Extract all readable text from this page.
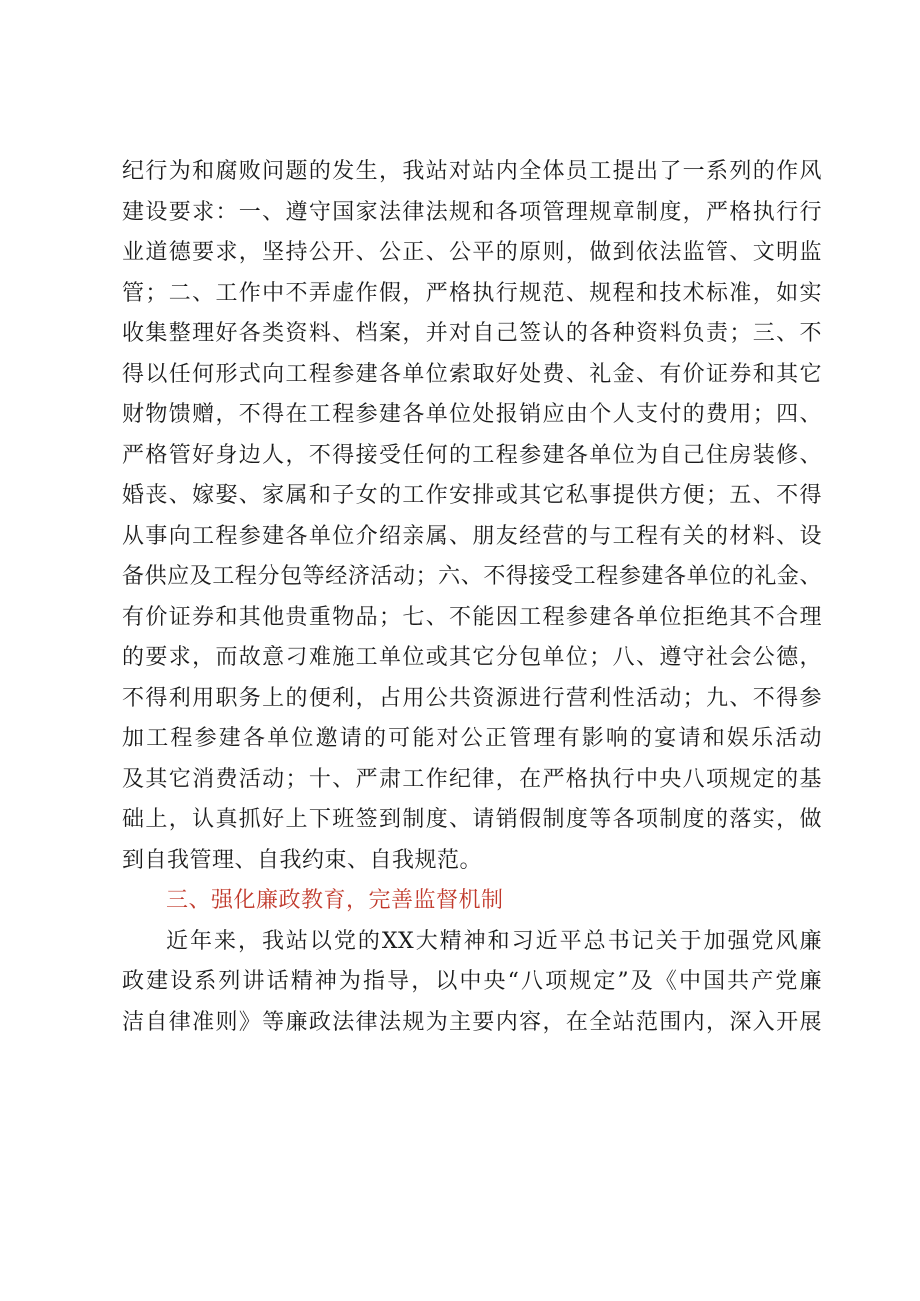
纪行为和腐败问题的发生，我站对站内全体员工提出了一系列的作风
建设要求：一、遵守国家法律法规和各项管理规章制度，严格执行行
业道德要求，坚持公开、公正、公平的原则，做到依法监管、文明监
管；二、工作中不弄虚作假，严格执行规范、规程和技术标准，如实
收集整理好各类资料、档案，并对自己签认的各种资料负责；三、不
得以任何形式向工程参建各单位索取好处费、礼金、有价证券和其它
财物馈赠，不得在工程参建各单位处报销应由个人支付的费用；四、
严格管好身边人，不得接受任何的工程参建各单位为自己住房装修、
婚丧、嫁娶、家属和子女的工作安排或其它私事提供方便；五、不得
从事向工程参建各单位介绍亲属、朋友经营的与工程有关的材料、设
备供应及工程分包等经济活动；六、不得接受工程参建各单位的礼金、
有价证券和其他贵重物品；七、不能因工程参建各单位拒绝其不合理
的要求，而故意刁难施工单位或其它分包单位；八、遵守社会公德，
不得利用职务上的便利，占用公共资源进行营利性活动；九、不得参
加工程参建各单位邀请的可能对公正管理有影响的宴请和娱乐活动
及其它消费活动；十、严肃工作纪律，在严格执行中央八项规定的基
础上，认真抓好上下班签到制度、请销假制度等各项制度的落实，做
到自我管理、自我约束、自我规范。
三、强化廉政教育，完善监督机制
近年来，我站以党的XX大精神和习近平总书记关于加强党风廉
政建设系列讲话精神为指导，以中央“八项规定”及《中国共产党廉
洁自律准则》等廉政法律法规为主要内容，在全站范围内，深入开展
